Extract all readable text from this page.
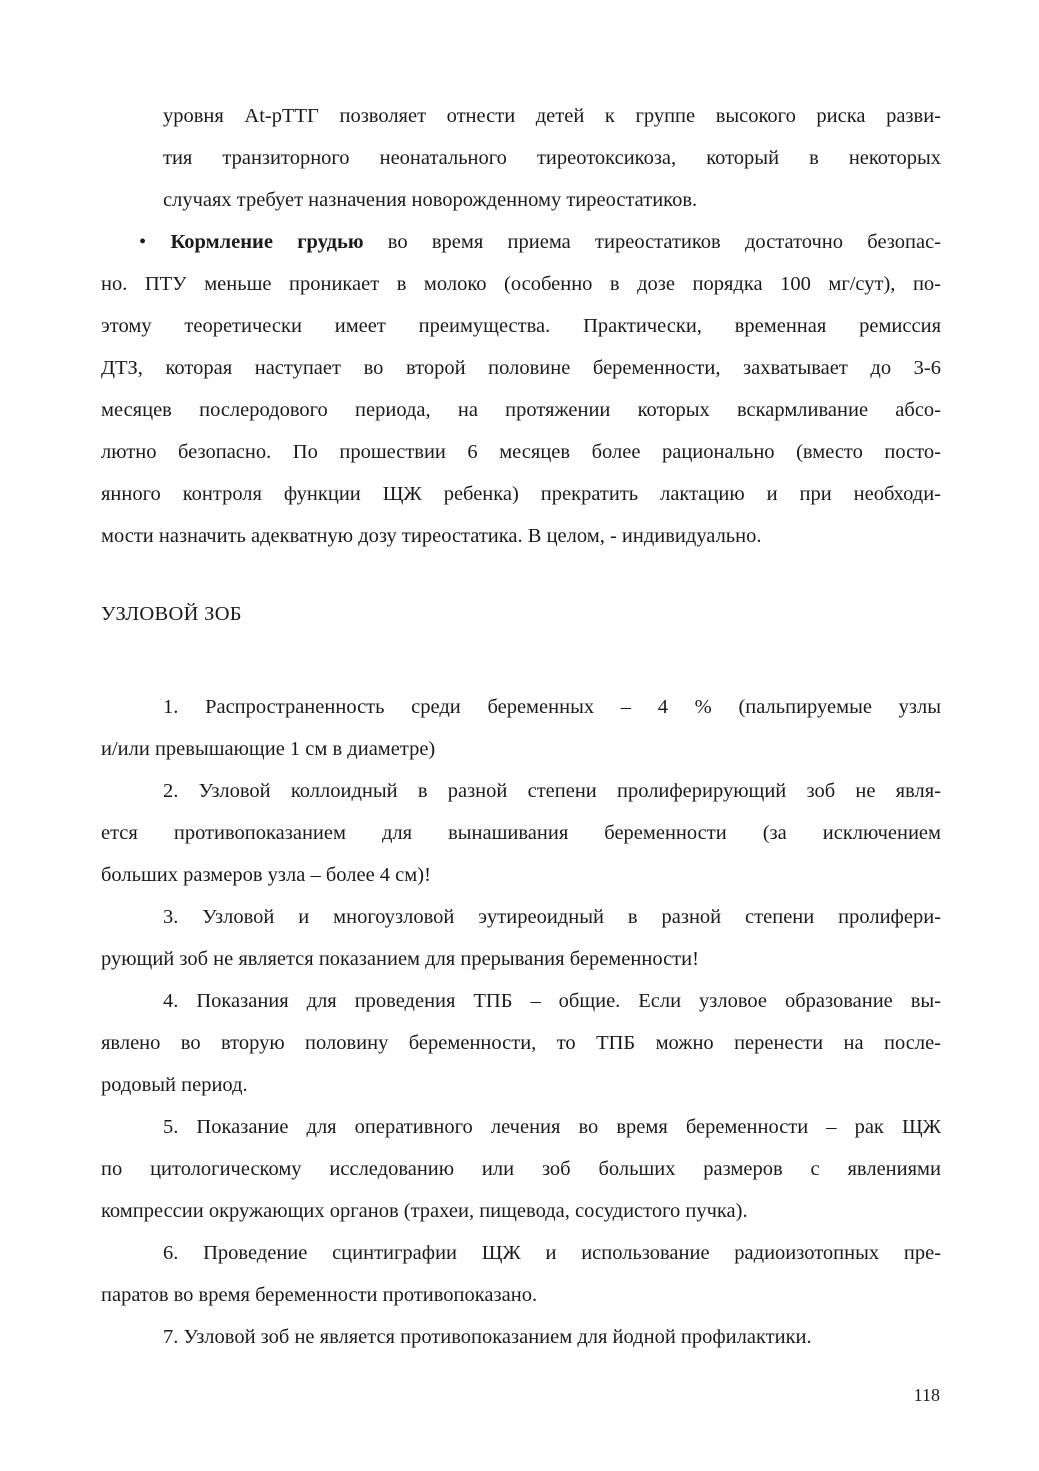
уровня At-рТТГ позволяет отнести детей к группе высокого риска разви-
тия транзиторного неонатального тиреотоксикоза, который в некоторых
случаях требует назначения новорожденному тиреостатиков.
• Кормление грудью во время приема тиреостатиков достаточно безопас-
но. ПТУ меньше проникает в молоко (особенно в дозе порядка 100 мг/сут), по-
этому теоретически имеет преимущества. Практически, временная ремиссия
ДТЗ, которая наступает во второй половине беременности, захватывает до 3-6
месяцев послеродового периода, на протяжении которых вскармливание абсо-
лютно безопасно. По прошествии 6 месяцев более рационально (вместо посто-
янного контроля функции ЩЖ ребенка) прекратить лактацию и при необходи-
мости назначить адекватную дозу тиреостатика. В целом, - индивидуально.
УЗЛОВОЙ ЗОБ
1. Распространенность среди беременных – 4 % (пальпируемые узлы
и/или превышающие 1 см в диаметре)
2. Узловой коллоидный в разной степени пролиферирующий зоб не явля-
ется противопоказанием для вынашивания беременности (за исключением
больших размеров узла – более 4 см)!
3. Узловой и многоузловой эутиреоидный в разной степени пролифери-
рующий зоб не является показанием для прерывания беременности!
4. Показания для проведения ТПБ – общие. Если узловое образование вы-
явлено во вторую половину беременности, то ТПБ можно перенести на после-
родовый период.
5. Показание для оперативного лечения во время беременности – рак ЩЖ
по цитологическому исследованию или зоб больших размеров с явлениями
компрессии окружающих органов (трахеи, пищевода, сосудистого пучка).
6. Проведение сцинтиграфии ЩЖ и использование радиоизотопных пре-
паратов во время беременности противопоказано.
7. Узловой зоб не является противопоказанием для йодной профилактики.
118
